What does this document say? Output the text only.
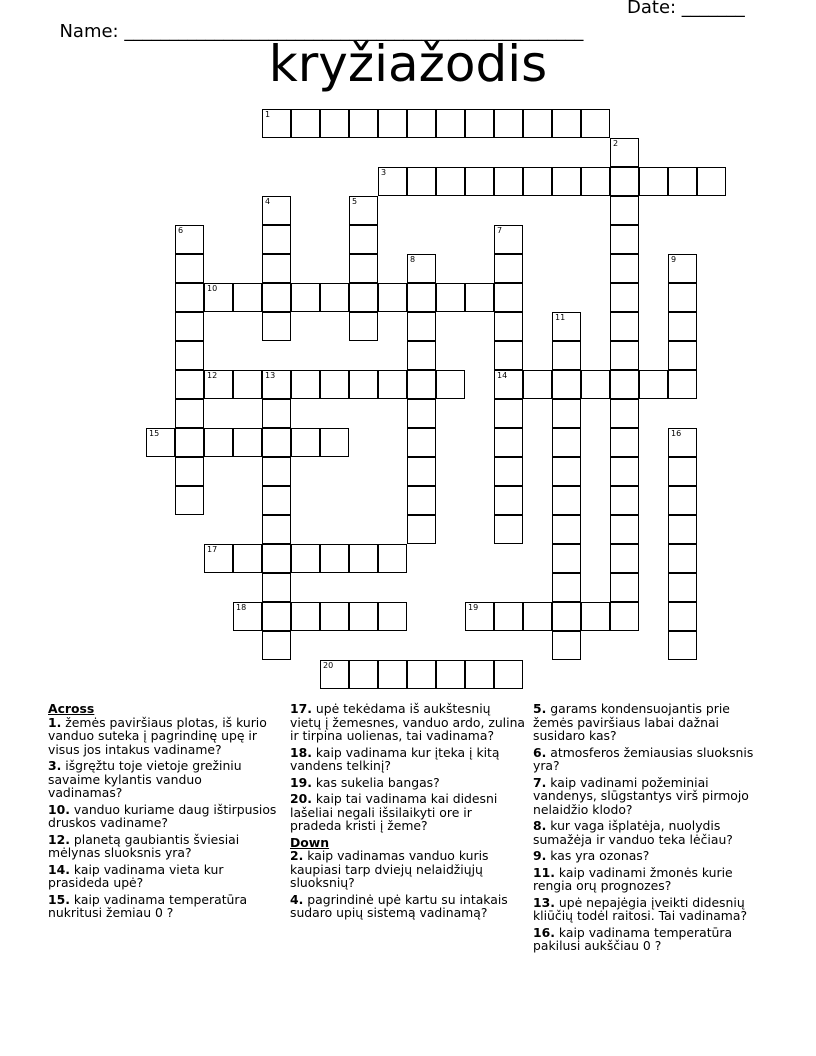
Name: ___________________________________________________

Date: _______

kryžiažodis
1
2
3
4	5
6	7
8	9
10
11
12	13	14
15	16
17
18	19
20

Across

1. žemės paviršiaus plotas, iš kurio vanduo suteka į pagrindinę upę ir visus jos intakus vadiname?

3. išgręžtu toje vietoje grežiniu savaime kylantis vanduo vadinamas?

10. vanduo kuriame daug ištirpusios druskos vadiname?

12. planetą gaubiantis šviesiai mėlynas sluoksnis yra?

14. kaip vadinama vieta kur prasideda upė?

15. kaip vadinama temperatūra nukritusi žemiau 0 ?

17. upė tekėdama iš aukštesnių vietų į žemesnes, vanduo ardo, zulina ir tirpina uolienas, tai vadinama?

18. kaip vadinama kur įteka į kitą vandens telkinį?

19. kas sukelia bangas?

20. kaip tai vadinama kai didesni lašeliai negali išsilaikyti ore ir pradeda kristi į žeme?

Down

2. kaip vadinamas vanduo kuris kaupiasi tarp dviejų nelaidžiųjų sluoksnių?

4. pagrindinė upė kartu su intakais sudaro upių sistemą vadinamą?

5. garams kondensuojantis prie žemės paviršiaus labai dažnai susidaro kas?

6. atmosferos žemiausias sluoksnis yra?

7. kaip vadinami požeminiai vandenys, slūgstantys virš pirmojo nelaidžio klodo?

8. kur vaga išplatėja, nuolydis sumažėja ir vanduo teka lėčiau?

9. kas yra ozonas?

11. kaip vadinami žmonės kurie rengia orų prognozes?

13. upė nepajėgia įveikti didesnių kliūčių todėl raitosi. Tai vadinama?

16. kaip vadinama temperatūra pakilusi aukščiau 0 ?
